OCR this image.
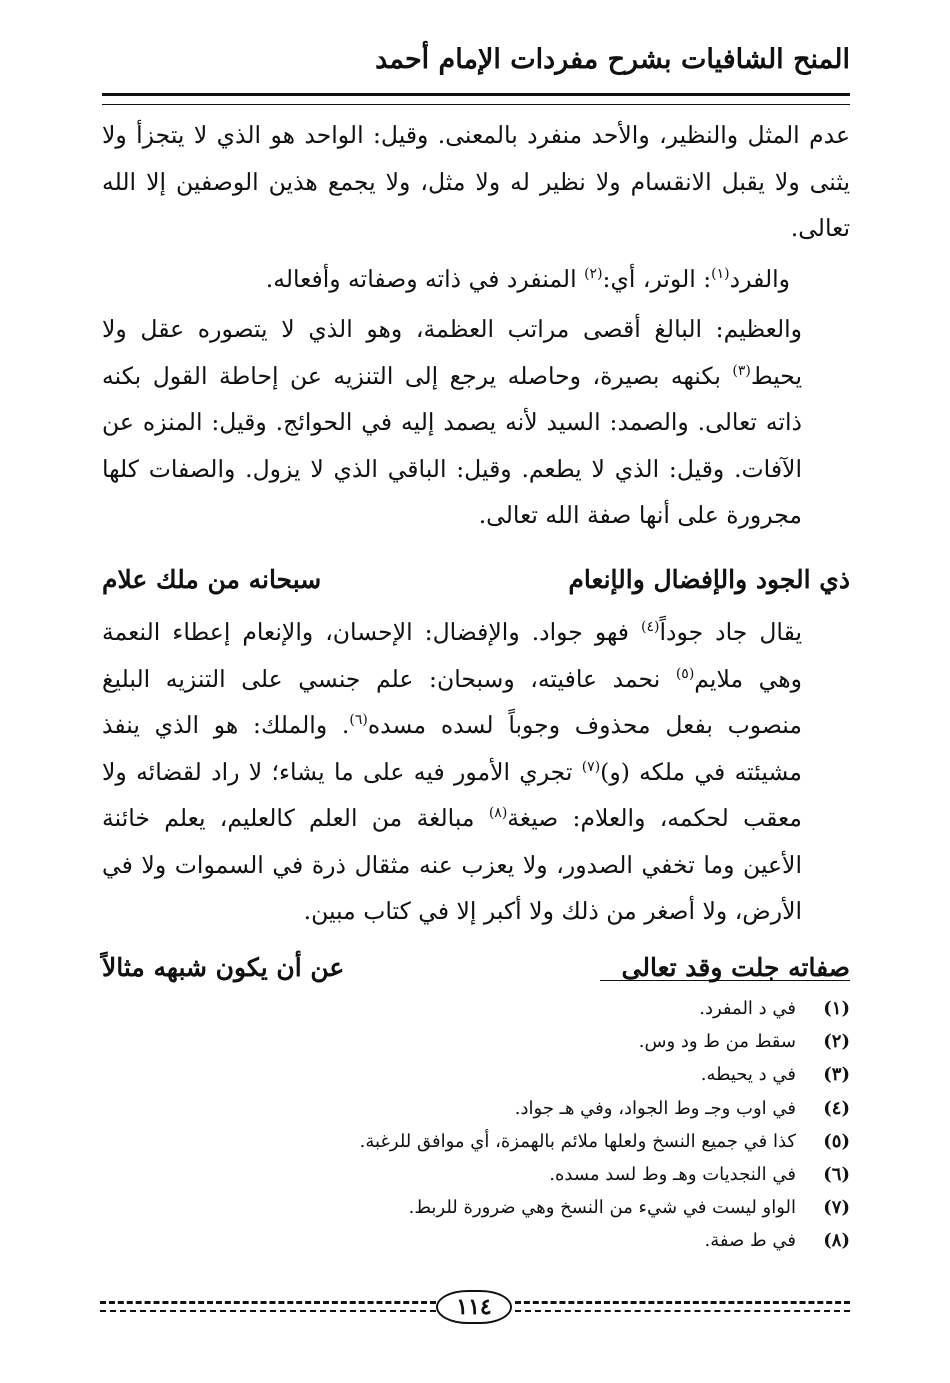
المنح الشافيات بشرح مفردات الإمام أحمد

عدم المثل والنظير، والأحد منفرد بالمعنى. وقيل: الواحد هو الذي لا يتجزأ ولا يثنى ولا يقبل الانقسام ولا نظير له ولا مثل، ولا يجمع هذين الوصفين إلا الله تعالى.

والفرد$^{(١)}$: الوتر، أي:$^{(٢)}$ المنفرد في ذاته وصفاته وأفعاله.

والعظيم: البالغ أقصى مراتب العظمة، وهو الذي لا يتصوره عقل ولا يحيط$^{(٣)}$ بكنهه بصيرة، وحاصله يرجع إلى التنزيه عن إحاطة القول بكنه ذاته تعالى. والصمد: السيد لأنه يصمد إليه في الحوائج. وقيل: المنزه عن الآفات. وقيل: الذي لا يطعم. وقيل: الباقي الذي لا يزول. والصفات كلها مجرورة على أنها صفة الله تعالى.

ذي الجود والإفضال والإنعام
سبحانه من ملك علام

يقال جاد جوداً$^{(٤)}$ فهو جواد. والإفضال: الإحسان، والإنعام إعطاء النعمة وهي ملايم$^{(٥)}$ نحمد عافيته، وسبحان: علم جنسي على التنزيه البليغ منصوب بفعل محذوف وجوباً لسده مسده$^{(٦)}$. والملك: هو الذي ينفذ مشيئته في ملكه (و)$^{(٧)}$ تجري الأمور فيه على ما يشاء؛ لا راد لقضائه ولا معقب لحكمه، والعلام: صيغة$^{(٨)}$ مبالغة من العلم كالعليم، يعلم خائنة الأعين وما تخفي الصدور، ولا يعزب عنه مثقال ذرة في السموات ولا في الأرض، ولا أصغر من ذلك ولا أكبر إلا في كتاب مبين.

صفاته جلت وقد تعالى
عن أن يكون شبهه مثالاً
(١)
في د المفرد.
(٢)
سقط من ط ود وس.
(٣)
في د يحيطه.
(٤)
في اوب وجـ وط الجواد، وفي هـ جواد.
(٥)
كذا في جميع النسخ ولعلها ملائم بالهمزة، أي موافق للرغبة.
(٦)
في النجديات وهـ وط لسد مسده.
(٧)
الواو ليست في شيء من النسخ وهي ضرورة للربط.
(٨)
في ط صفة.
١١٤
